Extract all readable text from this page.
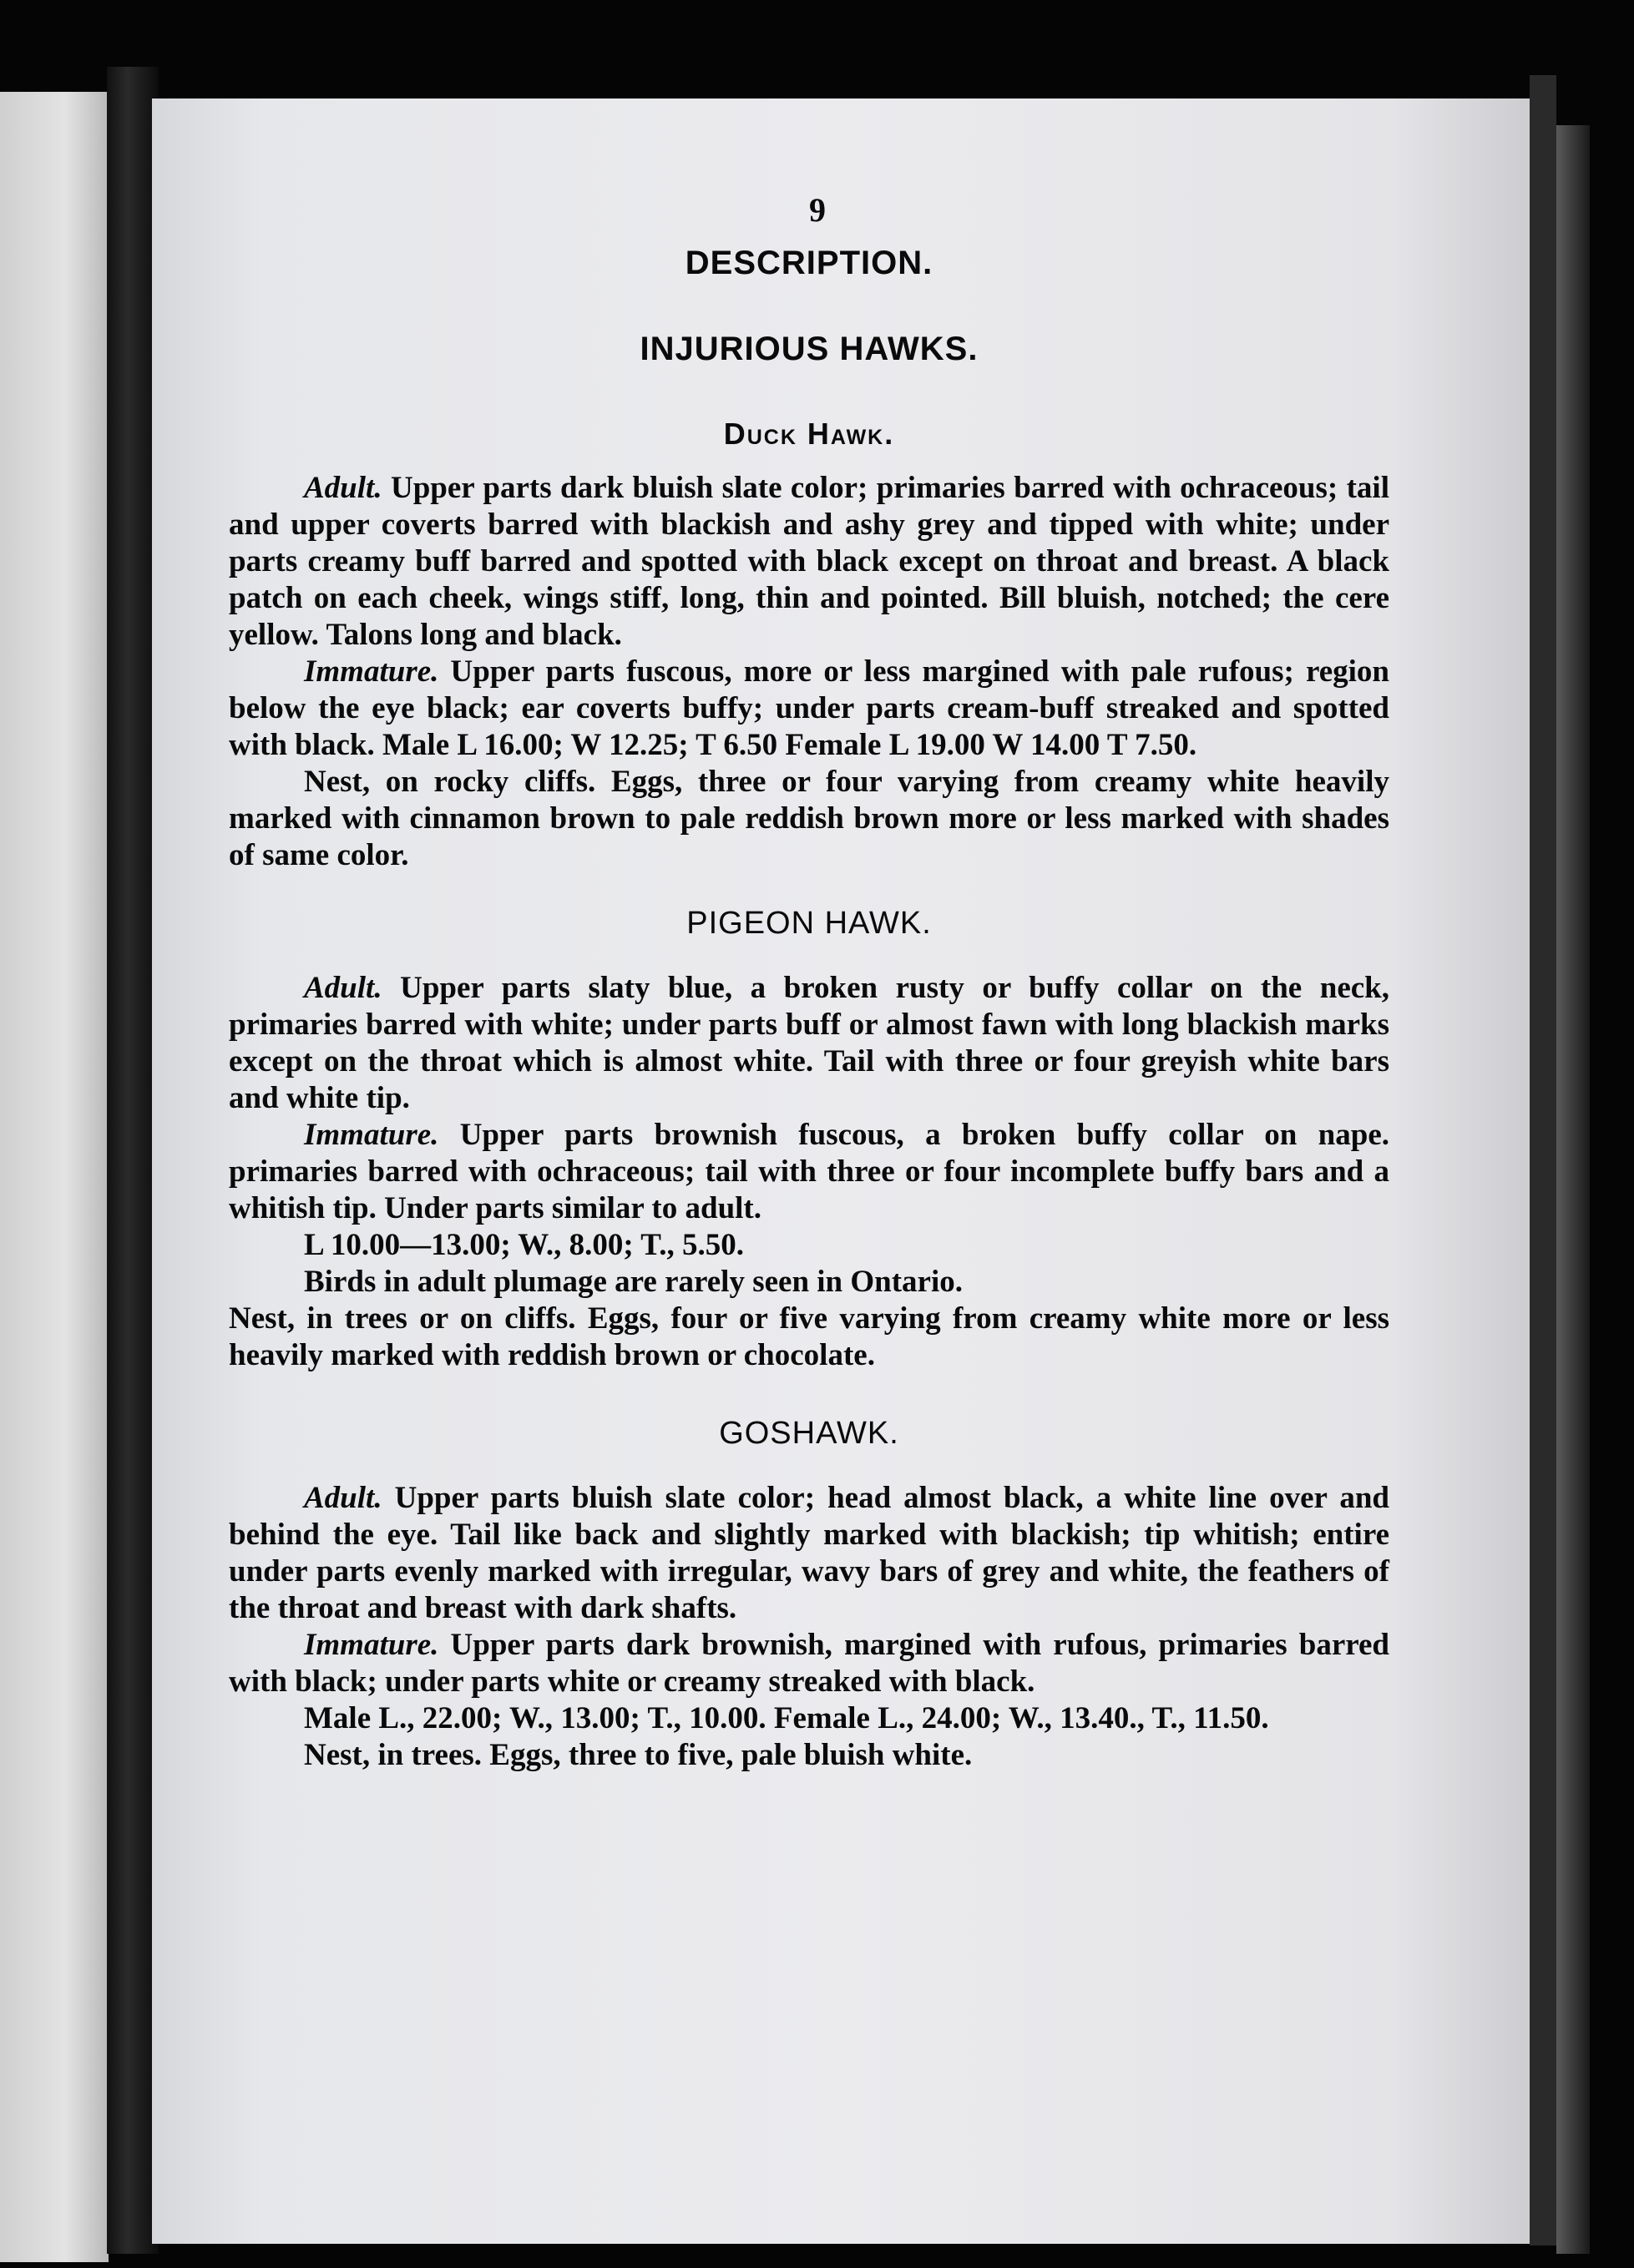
9
DESCRIPTION.
INJURIOUS HAWKS.
Duck Hawk.

Adult. Upper parts dark bluish slate color; primaries barred with ochraceous; tail and upper coverts barred with blackish and ashy grey and tipped with white; under parts creamy buff barred and spotted with black except on throat and breast. A black patch on each cheek, wings stiff, long, thin and pointed. Bill bluish, notched; the cere yellow. Talons long and black.

Immature. Upper parts fuscous, more or less margined with pale rufous; region below the eye black; ear coverts buffy; under parts cream-buff streaked and spotted with black. Male L 16.00; W 12.25; T 6.50 Female L 19.00 W 14.00 T 7.50.

Nest, on rocky cliffs. Eggs, three or four varying from creamy white heavily marked with cinnamon brown to pale reddish brown more or less marked with shades of same color.

PIGEON HAWK.

Adult. Upper parts slaty blue, a broken rusty or buffy collar on the neck, primaries barred with white; under parts buff or almost fawn with long blackish marks except on the throat which is almost white. Tail with three or four greyish white bars and white tip.

Immature. Upper parts brownish fuscous, a broken buffy collar on nape. primaries barred with ochraceous; tail with three or four incomplete buffy bars and a whitish tip. Under parts similar to adult.

L 10.00—13.00; W., 8.00; T., 5.50.

Birds in adult plumage are rarely seen in Ontario.

Nest, in trees or on cliffs. Eggs, four or five varying from creamy white more or less heavily marked with reddish brown or chocolate.

GOSHAWK.

Adult. Upper parts bluish slate color; head almost black, a white line over and behind the eye. Tail like back and slightly marked with blackish; tip whitish; entire under parts evenly marked with irregular, wavy bars of grey and white, the feathers of the throat and breast with dark shafts.

Immature. Upper parts dark brownish, margined with rufous, primaries barred with black; under parts white or creamy streaked with black.

Male L., 22.00; W., 13.00; T., 10.00. Female L., 24.00; W., 13.40., T., 11.50.

Nest, in trees. Eggs, three to five, pale bluish white.
